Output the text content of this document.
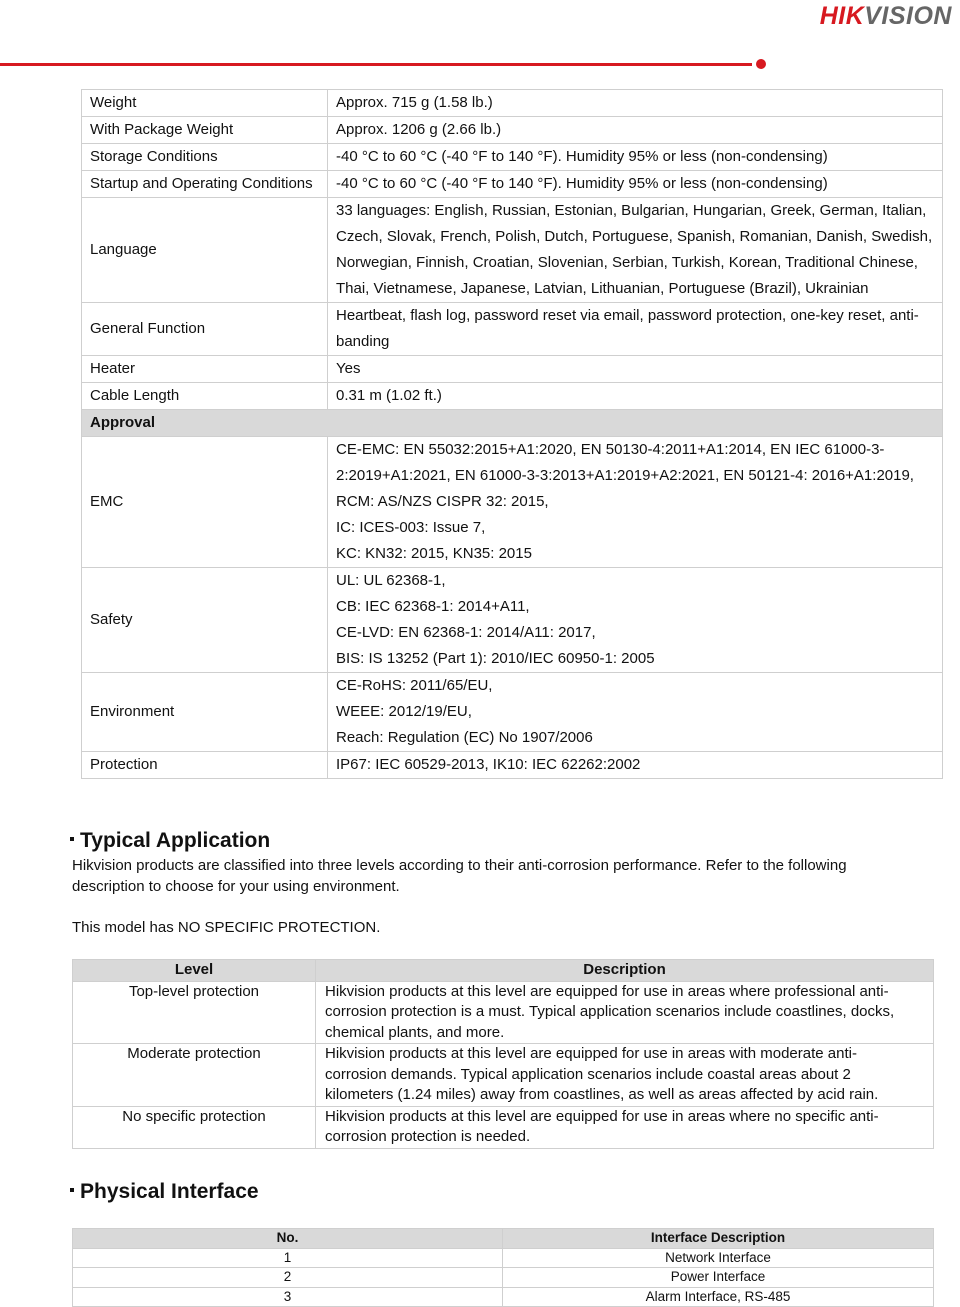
HIKVISION
Weight	Approx. 715 g (1.58 lb.)

With Package Weight	Approx. 1206 g (2.66 lb.)

Storage Conditions	-40 °C to 60 °C (-40 °F to 140 °F). Humidity 95% or less (non-condensing)

Startup and Operating Conditions	-40 °C to 60 °C (-40 °F to 140 °F). Humidity 95% or less (non-condensing)

Language	33 languages: English, Russian, Estonian, Bulgarian, Hungarian, Greek, German, Italian, Czech, Slovak, French, Polish, Dutch, Portuguese, Spanish, Romanian, Danish, Swedish, Norwegian, Finnish, Croatian, Slovenian, Serbian, Turkish, Korean, Traditional Chinese, Thai, Vietnamese, Japanese, Latvian, Lithuanian, Portuguese (Brazil), Ukrainian

General Function	Heartbeat, flash log, password reset via email, password protection, one-key reset, anti-banding

Heater	Yes

Cable Length	0.31 m (1.02 ft.)

Approval	
EMC	CE-EMC: EN 55032:2015+A1:2020, EN 50130-4:2011+A1:2014, EN IEC 61000-3-2:2019+A1:2021, EN 61000-3-3:2013+A1:2019+A2:2021, EN 50121-4: 2016+A1:2019,
RCM: AS/NZS CISPR 32: 2015,
IC: ICES-003: Issue 7,
KC: KN32: 2015, KN35: 2015

Safety	UL: UL 62368-1,
CB: IEC 62368-1: 2014+A11,
CE-LVD: EN 62368-1: 2014/A11: 2017,
BIS: IS 13252 (Part 1): 2010/IEC 60950-1: 2005

Environment	CE-RoHS: 2011/65/EU,
WEEE: 2012/19/EU,
Reach: Regulation (EC) No 1907/2006

Protection	IP67: IEC 60529-2013, IK10: IEC 62262:2002
Typical Application
Hikvision products are classified into three levels according to their anti-corrosion performance. Refer to the following description to choose for your using environment.
This model has NO SPECIFIC PROTECTION.
Level	Description
Top-level protection	Hikvision products at this level are equipped for use in areas where professional anti-corrosion protection is a must. Typical application scenarios include coastlines, docks, chemical plants, and more.
Moderate protection	Hikvision products at this level are equipped for use in areas with moderate anti-corrosion demands. Typical application scenarios include coastal areas about 2 kilometers (1.24 miles) away from coastlines, as well as areas affected by acid rain.
No specific protection	Hikvision products at this level are equipped for use in areas where no specific anti-corrosion protection is needed.
Physical Interface
No.	Interface Description
1	Network Interface
2	Power Interface
3	Alarm Interface, RS-485
